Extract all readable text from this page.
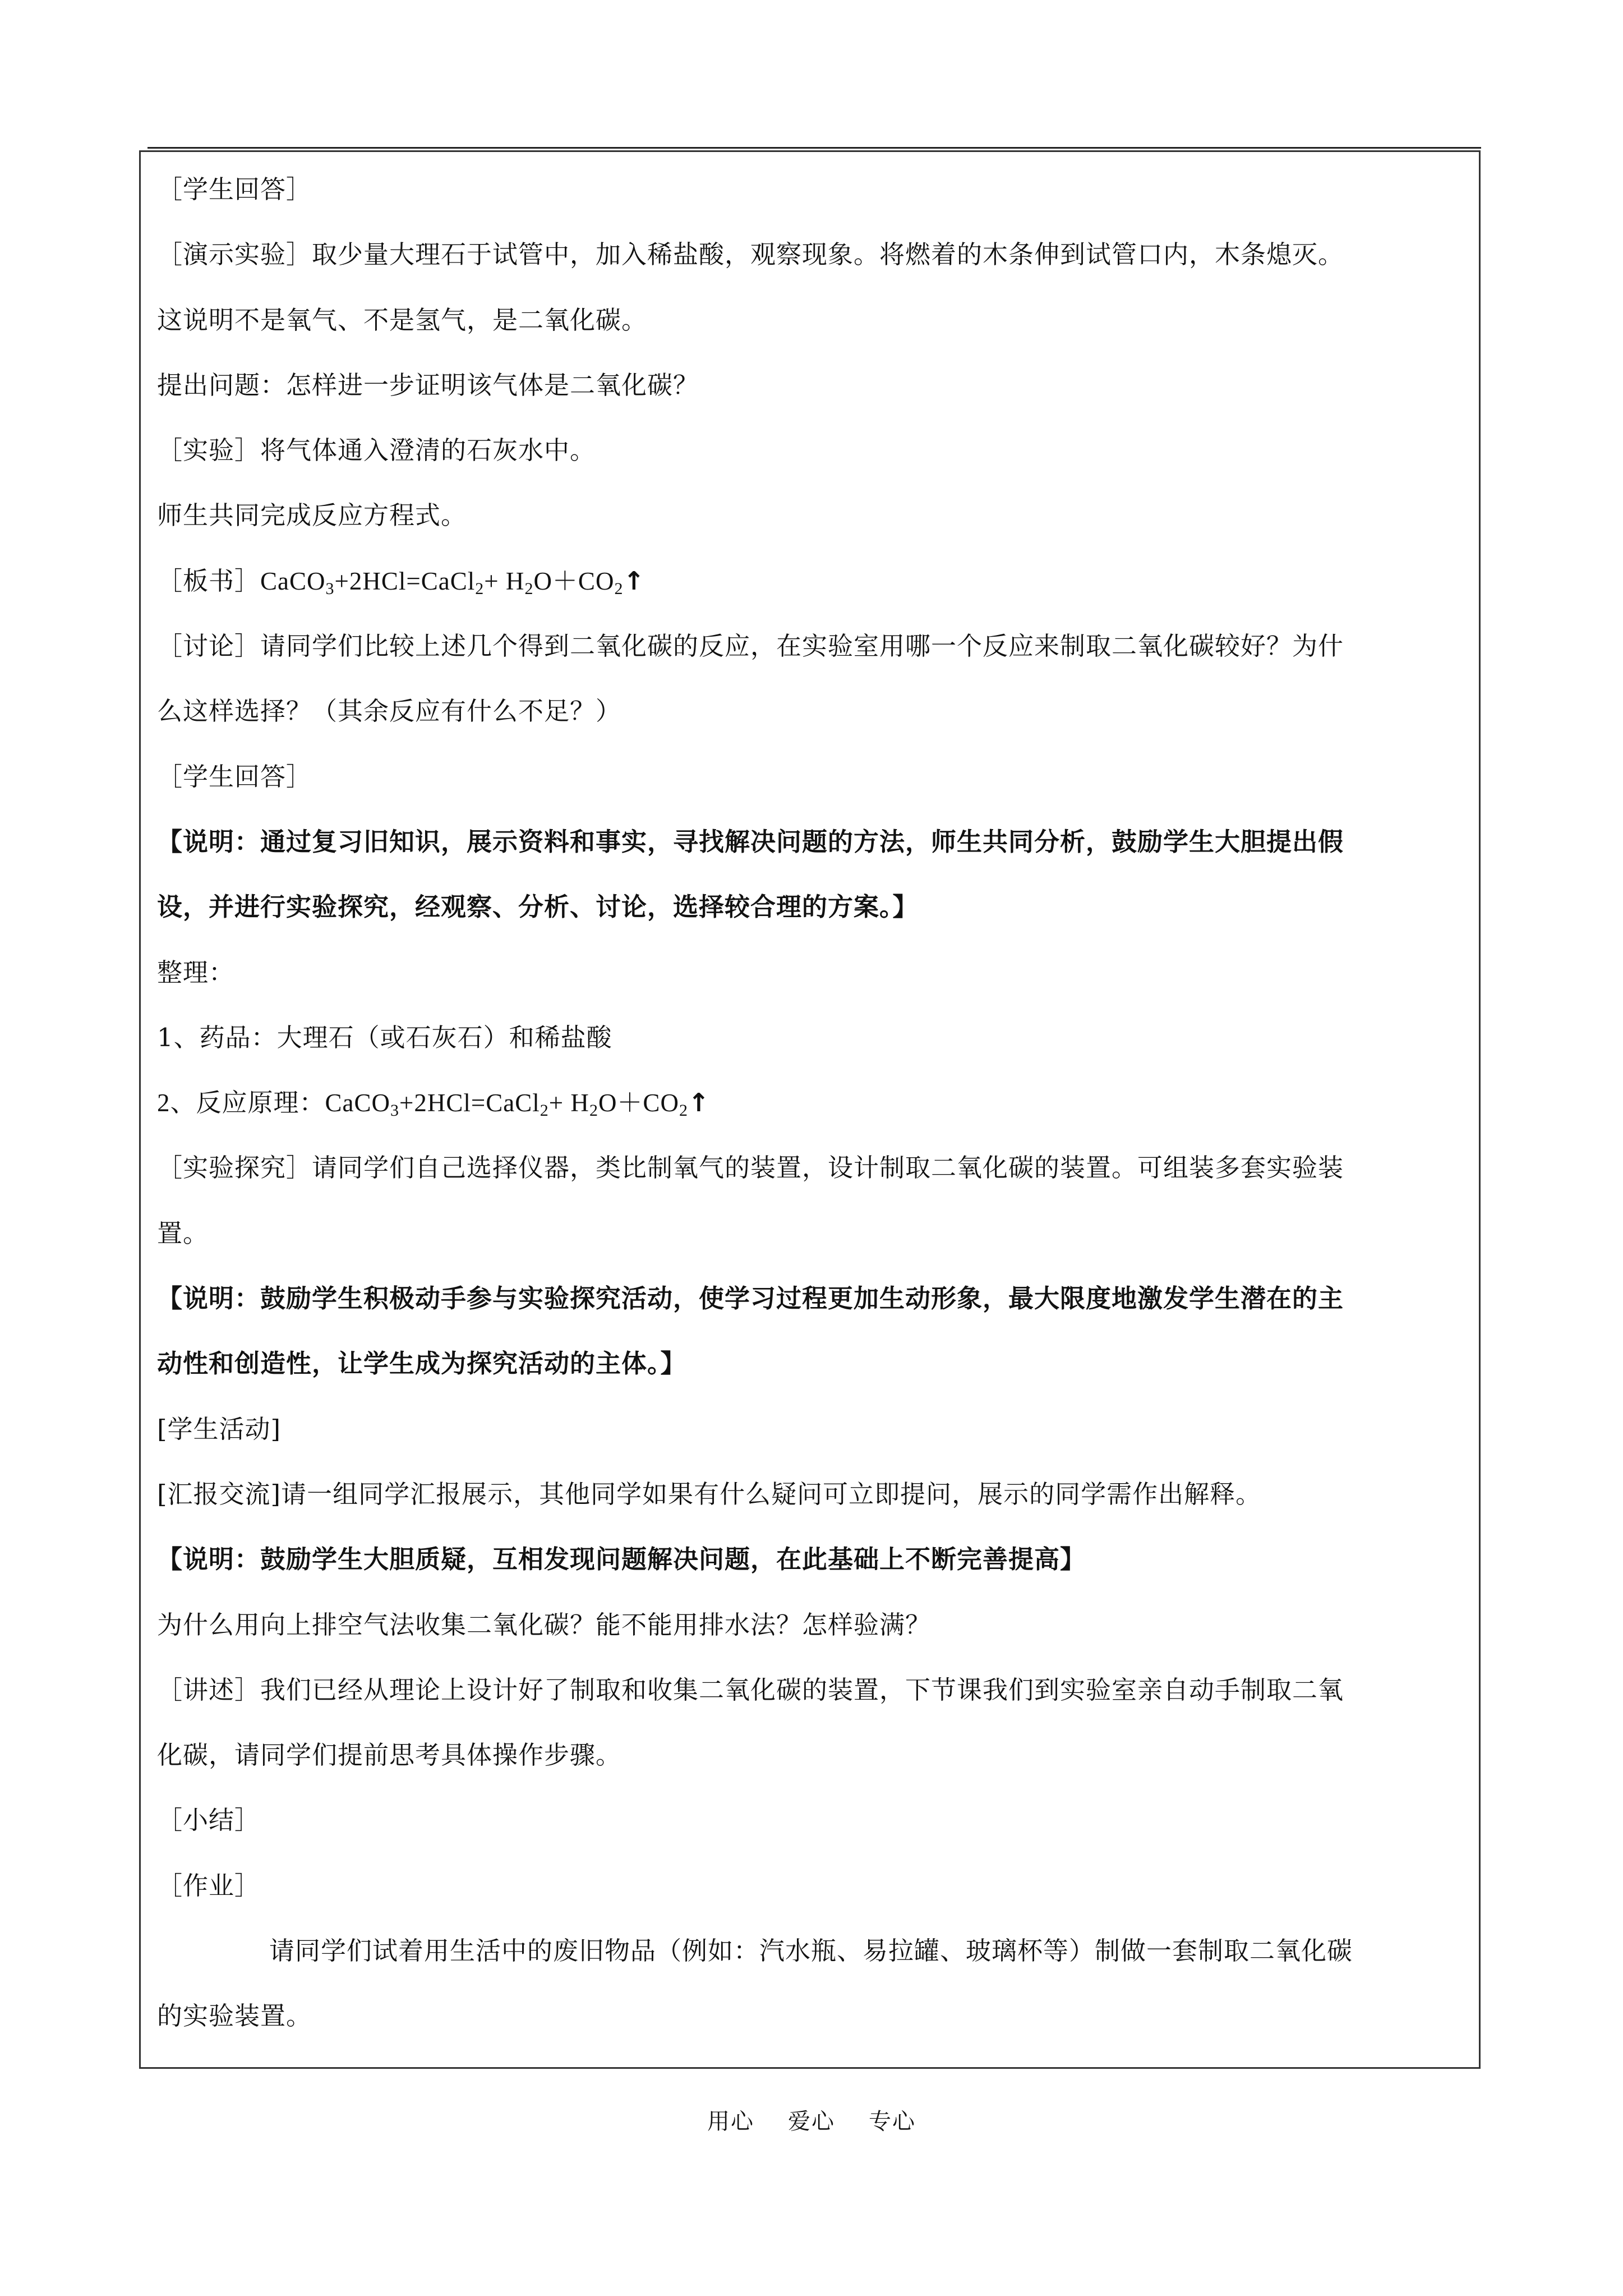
［学生回答］
［演示实验］取少量大理石于试管中，加入稀盐酸，观察现象。将燃着的木条伸到试管口内，木条熄灭。
这说明不是氧气、不是氢气，是二氧化碳。
提出问题：怎样进一步证明该气体是二氧化碳？
［实验］将气体通入澄清的石灰水中。
师生共同完成反应方程式。
［板书］CaCO$_3$+2HCl=CaCl$_2$+ $H_2O+CO_2↑$
［讨论］请同学们比较上述几个得到二氧化碳的反应，在实验室用哪一个反应来制取二氧化碳较好？为什
么这样选择？（其余反应有什么不足？）
［学生回答］
【说明：通过复习旧知识，展示资料和事实，寻找解决问题的方法，师生共同分析，鼓励学生大胆提出假
设，并进行实验探究，经观察、分析、讨论，选择较合理的方案。】
整理：
1、药品：大理石（或石灰石）和稀盐酸
2、反应原理：CaCO$_3$+2HCl=CaCl$_2$+ $H_2O+CO_2↑$
［实验探究］请同学们自己选择仪器，类比制氧气的装置，设计制取二氧化碳的装置。可组装多套实验装
置。
【说明：鼓励学生积极动手参与实验探究活动，使学习过程更加生动形象，最大限度地激发学生潜在的主
动性和创造性，让学生成为探究活动的主体。】
[学生活动]
[汇报交流]请一组同学汇报展示，其他同学如果有什么疑问可立即提问，展示的同学需作出解释。
【说明：鼓励学生大胆质疑，互相发现问题解决问题，在此基础上不断完善提高】
为什么用向上排空气法收集二氧化碳？能不能用排水法？怎样验满？
［讲述］我们已经从理论上设计好了制取和收集二氧化碳的装置，下节课我们到实验室亲自动手制取二氧
化碳，请同学们提前思考具体操作步骤。
［小结］
［作业］
请同学们试着用生活中的废旧物品（例如：汽水瓶、易拉罐、玻璃杯等）制做一套制取二氧化碳
的实验装置。
用心 爱心 专心
